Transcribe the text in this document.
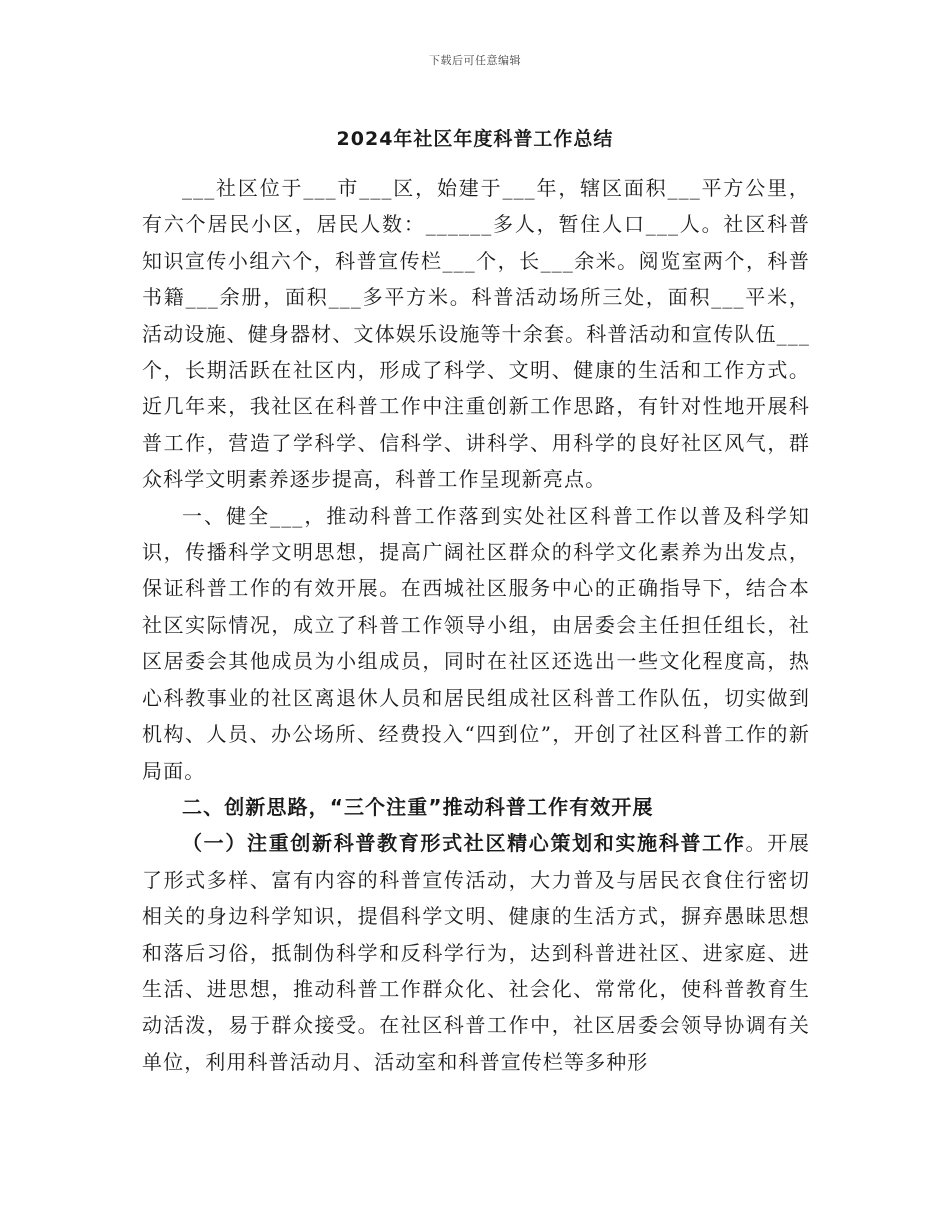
下载后可任意编辑
2024年社区年度科普工作总结

___社区位于___市___区，始建于___年，辖区面积___平方公里，有六个居民小区，居民人数：______多人，暂住人口___人。社区科普知识宣传小组六个，科普宣传栏___个，长___余米。阅览室两个，科普书籍___余册，面积___多平方米。科普活动场所三处，面积___平米，活动设施、健身器材、文体娱乐设施等十余套。科普活动和宣传队伍___个，长期活跃在社区内，形成了科学、文明、健康的生活和工作方式。近几年来，我社区在科普工作中注重创新工作思路，有针对性地开展科普工作，营造了学科学、信科学、讲科学、用科学的良好社区风气，群众科学文明素养逐步提高，科普工作呈现新亮点。

一、健全___，推动科普工作落到实处社区科普工作以普及科学知识，传播科学文明思想，提高广阔社区群众的科学文化素养为出发点，保证科普工作的有效开展。在西城社区服务中心的正确指导下，结合本社区实际情况，成立了科普工作领导小组，由居委会主任担任组长，社区居委会其他成员为小组成员，同时在社区还选出一些文化程度高，热心科教事业的社区离退休人员和居民组成社区科普工作队伍，切实做到机构、人员、办公场所、经费投入“四到位”，开创了社区科普工作的新局面。

二、创新思路，“三个注重”推动科普工作有效开展

（一）注重创新科普教育形式社区精心策划和实施科普工作。开展了形式多样、富有内容的科普宣传活动，大力普及与居民衣食住行密切相关的身边科学知识，提倡科学文明、健康的生活方式，摒弃愚昧思想和落后习俗，抵制伪科学和反科学行为，达到科普进社区、进家庭、进生活、进思想，推动科普工作群众化、社会化、常常化，使科普教育生动活泼，易于群众接受。在社区科普工作中，社区居委会领导协调有关单位，利用科普活动月、活动室和科普宣传栏等多种形
